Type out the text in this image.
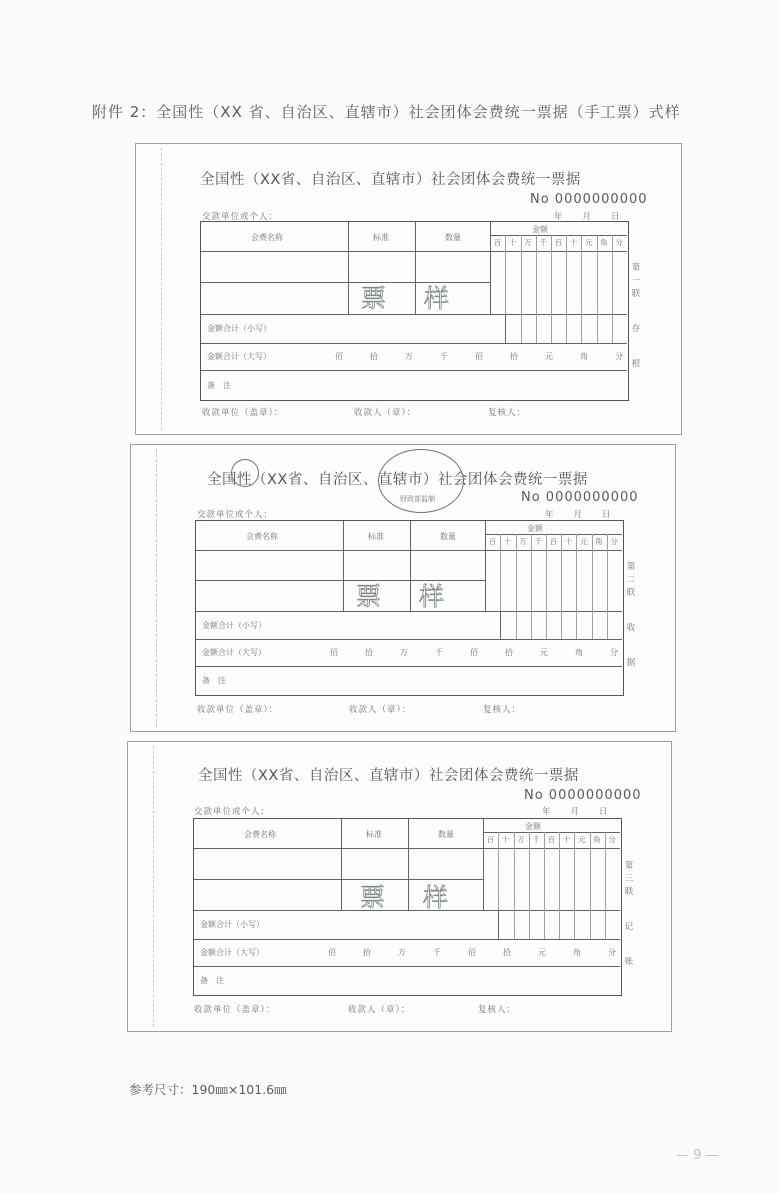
附件 2：全国性（XX 省、自治区、直辖市）社会团体会费统一票据（手工票）式样
全国性（XX省、自治区、直辖市）社会团体会费统一票据
No 0000000000
交款单位或个人：	年　　月　　日
会费名称	标准	数量
金额
百	十	万	千	百	十	元	角	分
金额合计（小写）
金额合计（大写）	佰	拾	万	千	佰	拾	元	角	分
备　注
票样
第
一
联
存
根
收款单位（盖章）：	收款人（章）：	复核人：
全国性（XX省、自治区、直辖市）社会团体会费统一票据
No 0000000000
交款单位或个人：	年　　月　　日
财政部监制
会费名称	标准	数量
金额
百	十	万	千	百	十	元	角	分
金额合计（小写）
金额合计（大写）	佰	拾	万	千	佰	拾	元	角	分
备　注
票样
第
二
联
收
据
收款单位（盖章）：	收款人（章）：	复核人：
全国性（XX省、自治区、直辖市）社会团体会费统一票据
No 0000000000
交款单位或个人：	年　　月　　日
会费名称	标准	数量
金额
百	十	万	千	百	十	元	角	分
金额合计（小写）
金额合计（大写）	佰	拾	万	千	佰	拾	元	角	分
备　注
票样
第
三
联
记
账
收款单位（盖章）：	收款人（章）：	复核人：
参考尺寸：190㎜×101.6㎜
— 9 —
